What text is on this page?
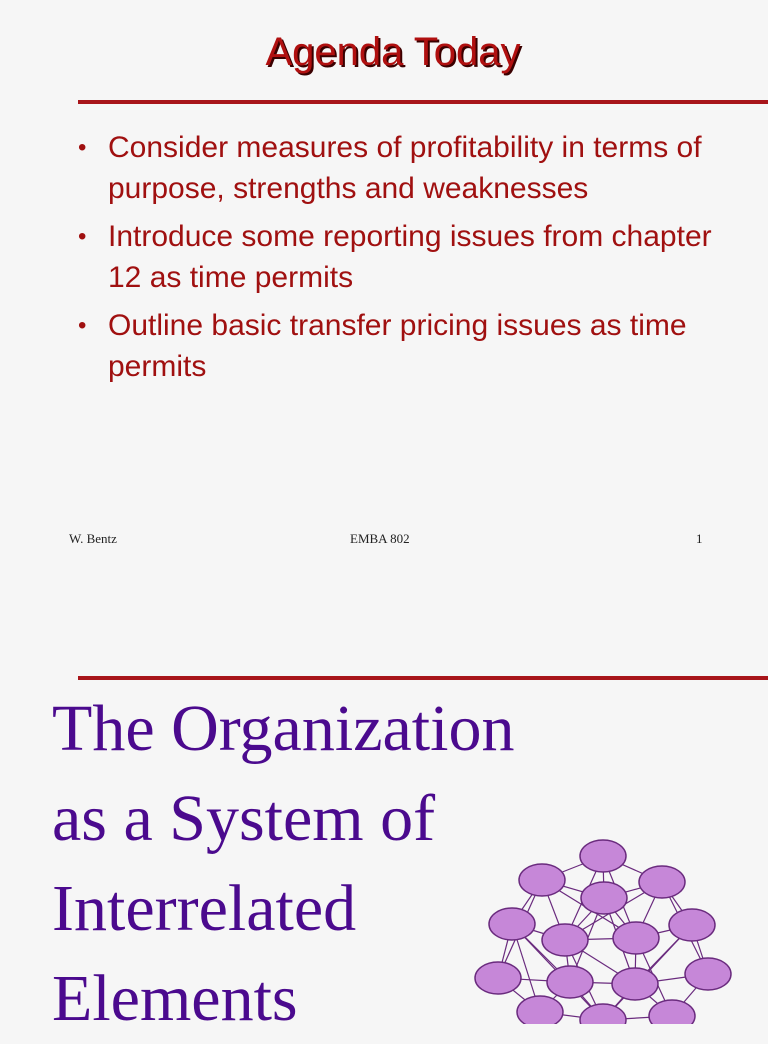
Agenda Today
• Consider measures of profitability in terms of purpose, strengths and weaknesses
• Introduce some reporting issues from chapter 12 as time permits
• Outline basic transfer pricing issues as time permits
W. Bentz	EMBA 802	1
The Organization
as a System of
Interrelated
Elements
